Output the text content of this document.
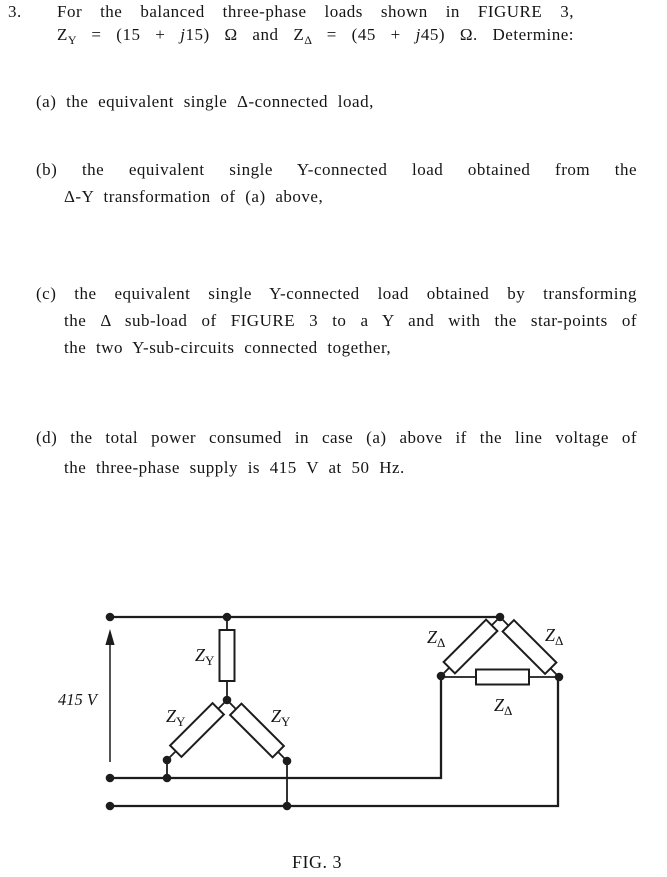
3. For the balanced three-phase loads shown in FIGURE 3,
$Z_Y = (15 + j15)$ Ω and $Z_\Delta = (45 + j45)$ Ω. Determine:
(a) the equivalent single Δ-connected load,
(b) the equivalent single Y-connected load obtained from the
Δ-Y transformation of (a) above,
(c) the equivalent single Y-connected load obtained by transforming
the Δ sub-load of FIGURE 3 to a Y and with the star-points of
the two Y-sub-circuits connected together,
(d) the total power consumed in case (a) above if the line voltage of
the three-phase supply is 415 V at 50 Hz.
415 V
$Z_Y$
$Z_Y$	$Z_Y$
$Z_\Delta$	$Z_\Delta$
$Z_\Delta$
FIG. 3
